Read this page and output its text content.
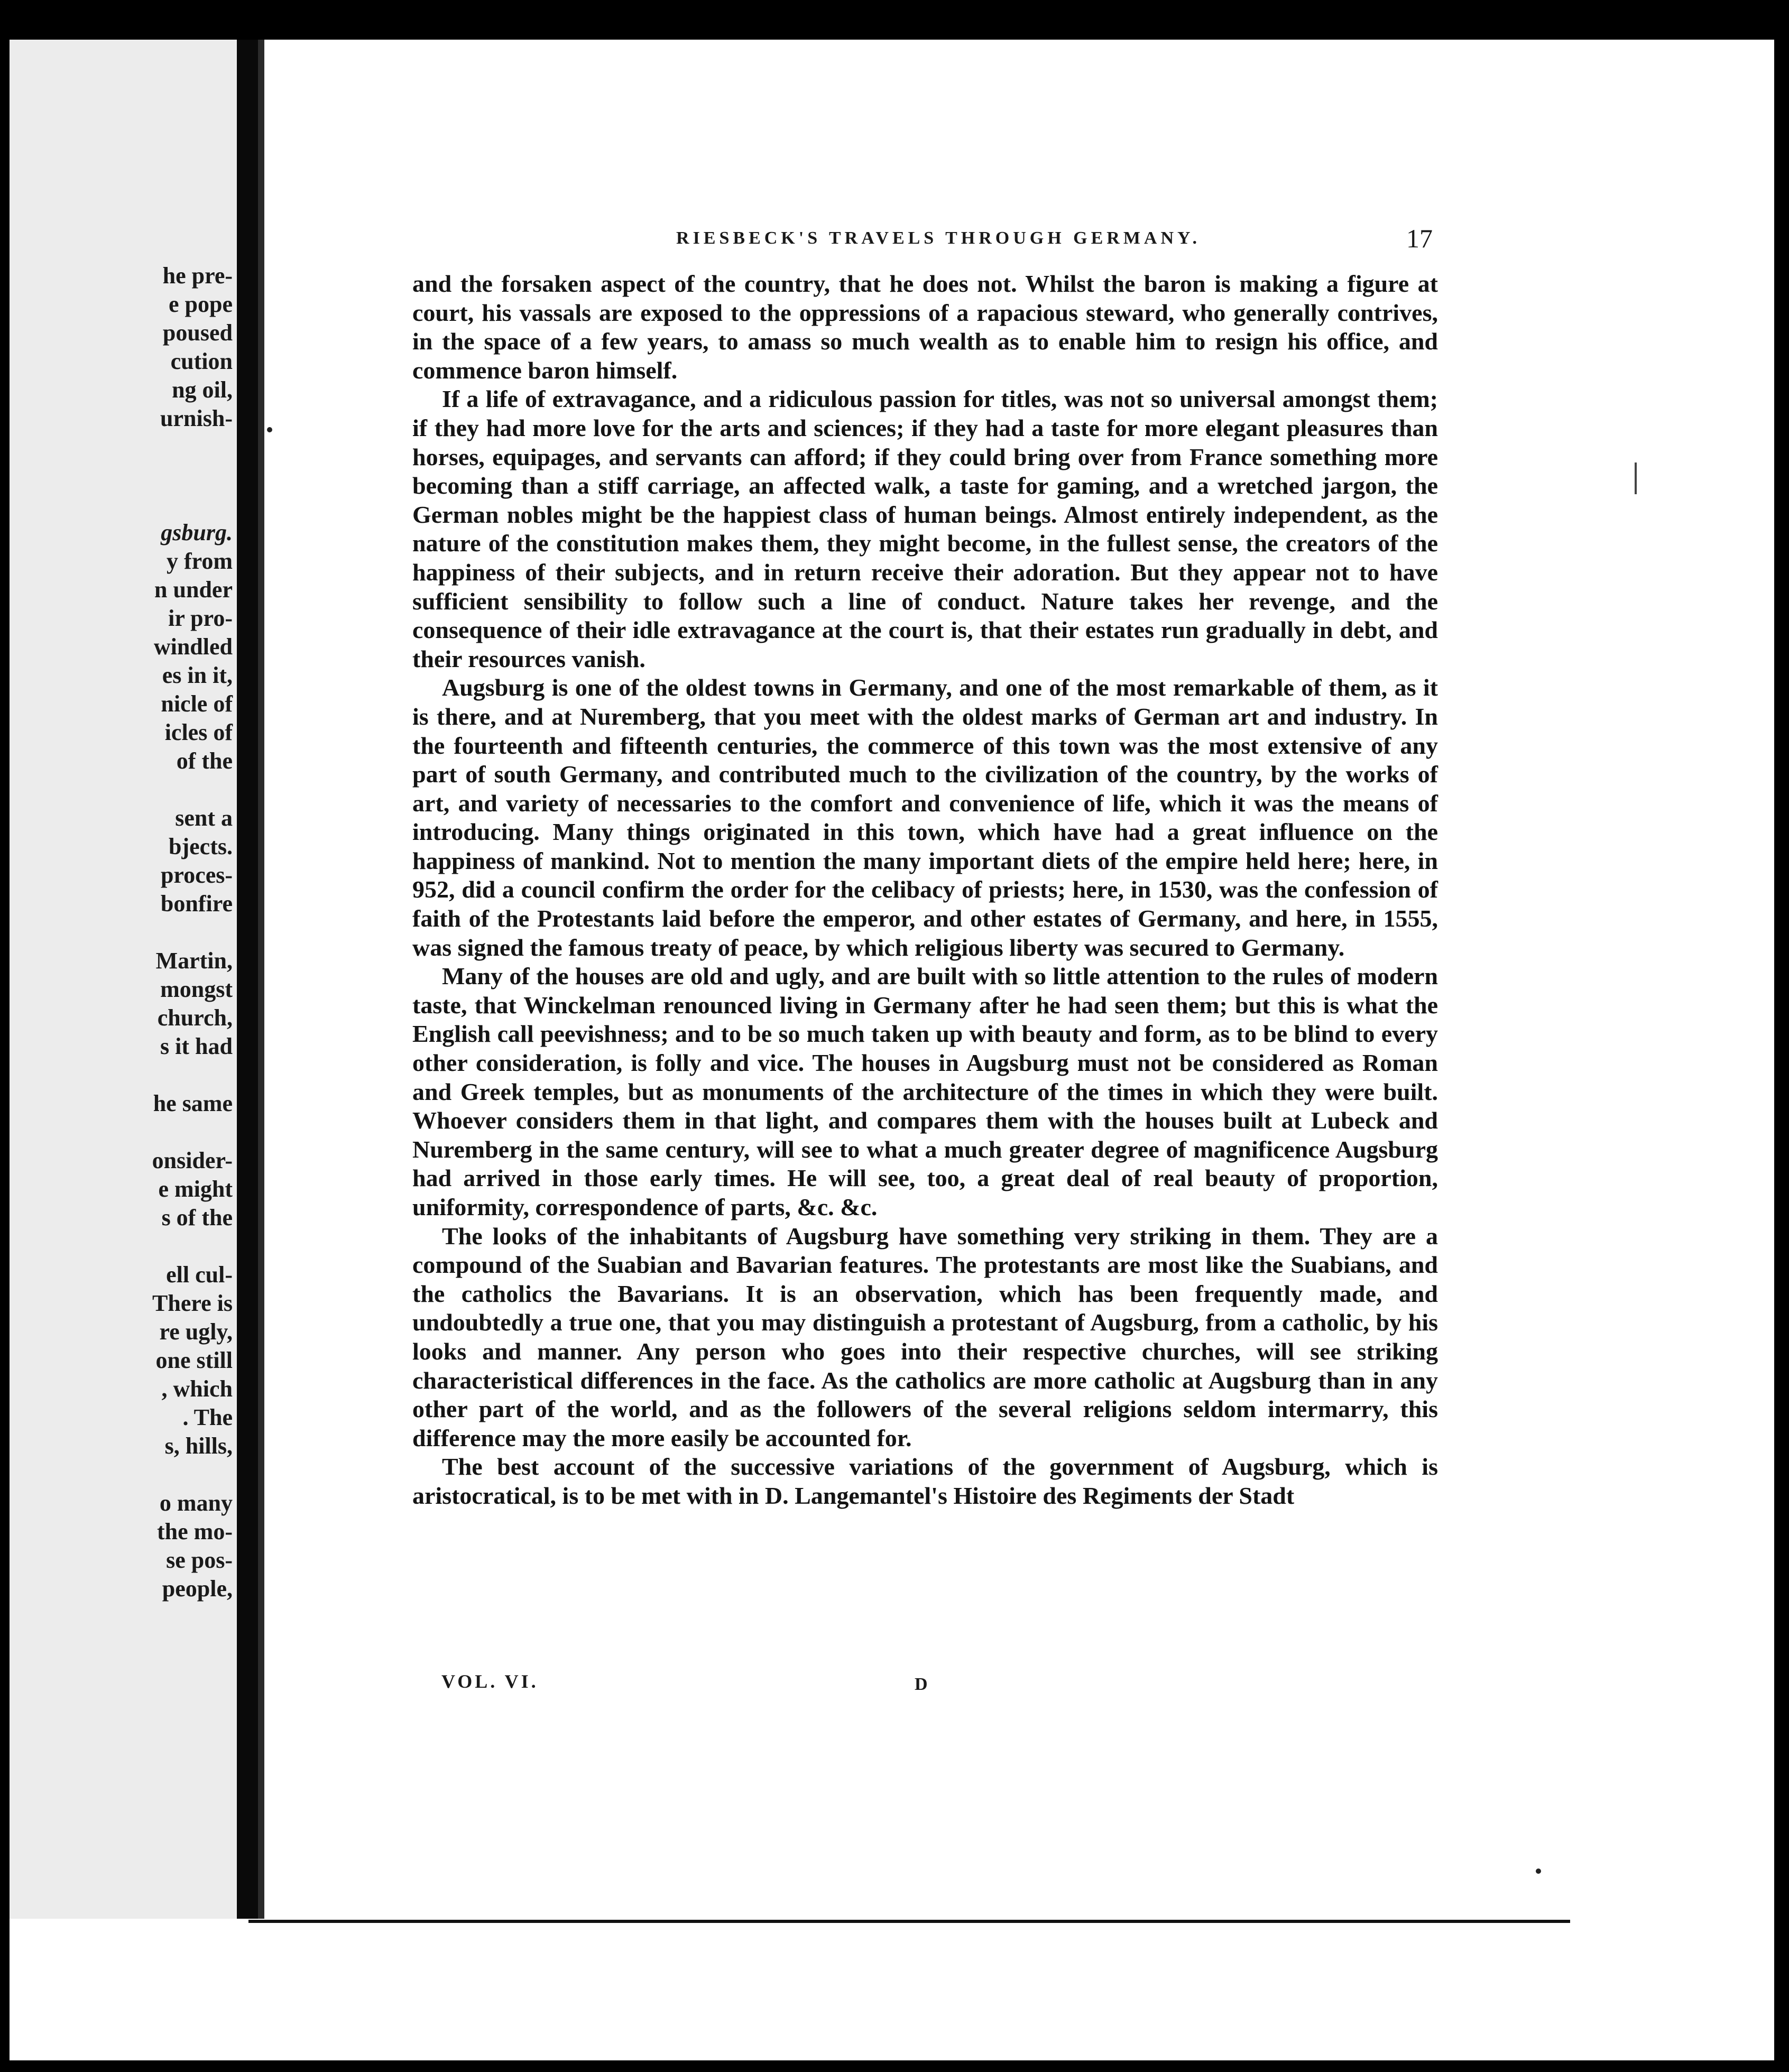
he pre-
e pope
poused
cution
ng oil,
urnish-
gsburg.
y from
n under
ir pro-
windled
es in it,
nicle of
icles of
of the
sent a
bjects.
proces-
bonfire
Martin,
mongst
church,
s it had
he same
onsider-
e might
s of the
ell cul-
There is
re ugly,
one still
, which
. The
s, hills,
o many
the mo-
se pos-
people,
RIESBECK'S TRAVELS THROUGH GERMANY.	17

and the forsaken aspect of the country, that he does not. Whilst the baron is making a figure at court, his vassals are exposed to the oppressions of a rapacious steward, who generally contrives, in the space of a few years, to amass so much wealth as to enable him to resign his office, and commence baron himself.

If a life of extravagance, and a ridiculous passion for titles, was not so universal amongst them; if they had more love for the arts and sciences; if they had a taste for more elegant pleasures than horses, equipages, and servants can afford; if they could bring over from France something more becoming than a stiff carriage, an affected walk, a taste for gaming, and a wretched jargon, the German nobles might be the happiest class of human beings. Almost entirely independent, as the nature of the constitution makes them, they might become, in the fullest sense, the creators of the happiness of their subjects, and in return receive their adoration. But they appear not to have sufficient sensibility to follow such a line of conduct. Nature takes her revenge, and the consequence of their idle extravagance at the court is, that their estates run gradually in debt, and their resources vanish.

Augsburg is one of the oldest towns in Germany, and one of the most remarkable of them, as it is there, and at Nuremberg, that you meet with the oldest marks of German art and industry. In the fourteenth and fifteenth centuries, the commerce of this town was the most extensive of any part of south Germany, and contributed much to the civilization of the country, by the works of art, and variety of necessaries to the comfort and convenience of life, which it was the means of introducing. Many things originated in this town, which have had a great influence on the happiness of mankind. Not to mention the many important diets of the empire held here; here, in 952, did a council confirm the order for the celibacy of priests; here, in 1530, was the confession of faith of the Protestants laid before the emperor, and other estates of Germany, and here, in 1555, was signed the famous treaty of peace, by which religious liberty was secured to Germany.

Many of the houses are old and ugly, and are built with so little attention to the rules of modern taste, that Winckelman renounced living in Germany after he had seen them; but this is what the English call peevishness; and to be so much taken up with beauty and form, as to be blind to every other consideration, is folly and vice. The houses in Augsburg must not be considered as Roman and Greek temples, but as monuments of the architecture of the times in which they were built. Whoever considers them in that light, and compares them with the houses built at Lubeck and Nuremberg in the same century, will see to what a much greater degree of magnificence Augsburg had arrived in those early times. He will see, too, a great deal of real beauty of proportion, uniformity, correspondence of parts, &c. &c.

The looks of the inhabitants of Augsburg have something very striking in them. They are a compound of the Suabian and Bavarian features. The protestants are most like the Suabians, and the catholics the Bavarians. It is an observation, which has been frequently made, and undoubtedly a true one, that you may distinguish a protestant of Augsburg, from a catholic, by his looks and manner. Any person who goes into their respective churches, will see striking characteristical differences in the face. As the catholics are more catholic at Augsburg than in any other part of the world, and as the followers of the several religions seldom intermarry, this difference may the more easily be accounted for.

The best account of the successive variations of the government of Augsburg, which is aristocratical, is to be met with in D. Langemantel's Histoire des Regiments der Stadt

VOL. VI.	D
